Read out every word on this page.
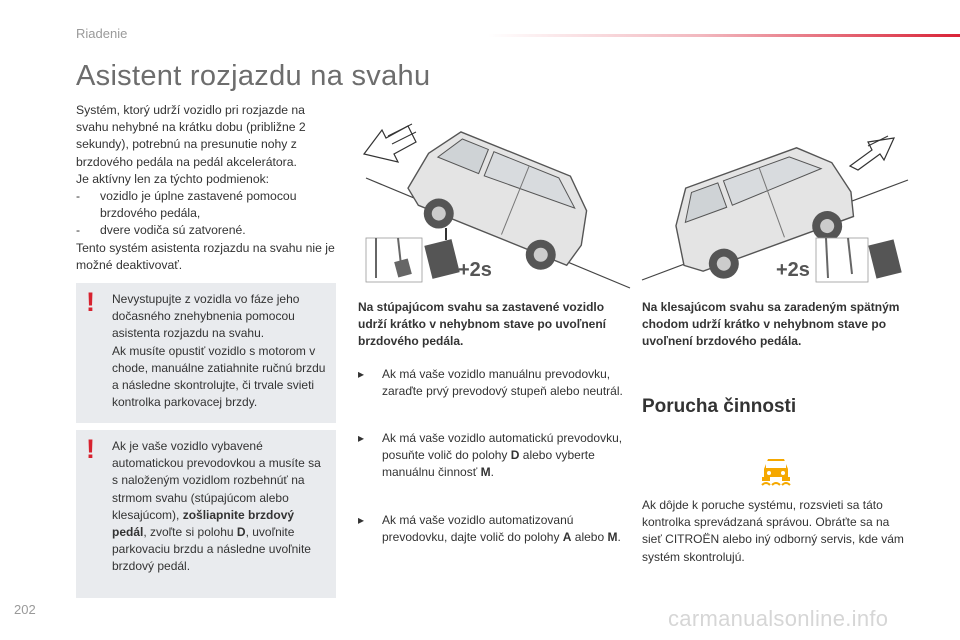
Riadenie
Asistent rozjazdu na svahu

Systém, ktorý udrží vozidlo pri rozjazde na svahu nehybné na krátku dobu (približne 2 sekundy), potrebnú na presunutie nohy z brzdového pedála na pedál akcelerátora.

Je aktívny len za týchto podmienok:

-	vozidlo je úplne zastavené pomocou brzdového pedála,
-	dvere vodiča sú zatvorené.

Tento systém asistenta rozjazdu na svahu nie je možné deaktivovať.

! Nevystupujte z vozidla vo fáze jeho dočasného znehybnenia pomocou asistenta rozjazdu na svahu.

Ak musíte opustiť vozidlo s motorom v chode, manuálne zatiahnite ručnú brzdu a následne skontrolujte, či trvale svieti kontrolka parkovacej brzdy.

! Ak je vaše vozidlo vybavené automatickou prevodovkou a musíte sa s naloženým vozidlom rozbehnúť na strmom svahu (stúpajúcom alebo klesajúcom), zošliapnite brzdový pedál, zvoľte si polohu D, uvoľnite parkovaciu brzdu a následne uvoľnite brzdový pedál.

+2s	+2s
Na stúpajúcom svahu sa zastavené vozidlo udrží krátko v nehybnom stave po uvoľnení brzdového pedála.
Na klesajúcom svahu sa zaradeným spätným chodom udrží krátko v nehybnom stave po uvoľnení brzdového pedála.
▸	Ak má vaše vozidlo manuálnu prevodovku, zaraďte prvý prevodový stupeň alebo neutrál.
▸	Ak má vaše vozidlo automatickú prevodovku, posuňte volič do polohy D alebo vyberte manuálnu činnosť M.
▸	Ak má vaše vozidlo automatizovanú prevodovku, dajte volič do polohy A alebo M.
Porucha činnosti
Ak dôjde k poruche systému, rozsvieti sa táto kontrolka sprevádzaná správou. Obráťte sa na sieť CITROËN alebo iný odborný servis, kde vám systém skontrolujú.
202	carmanualsonline.info
